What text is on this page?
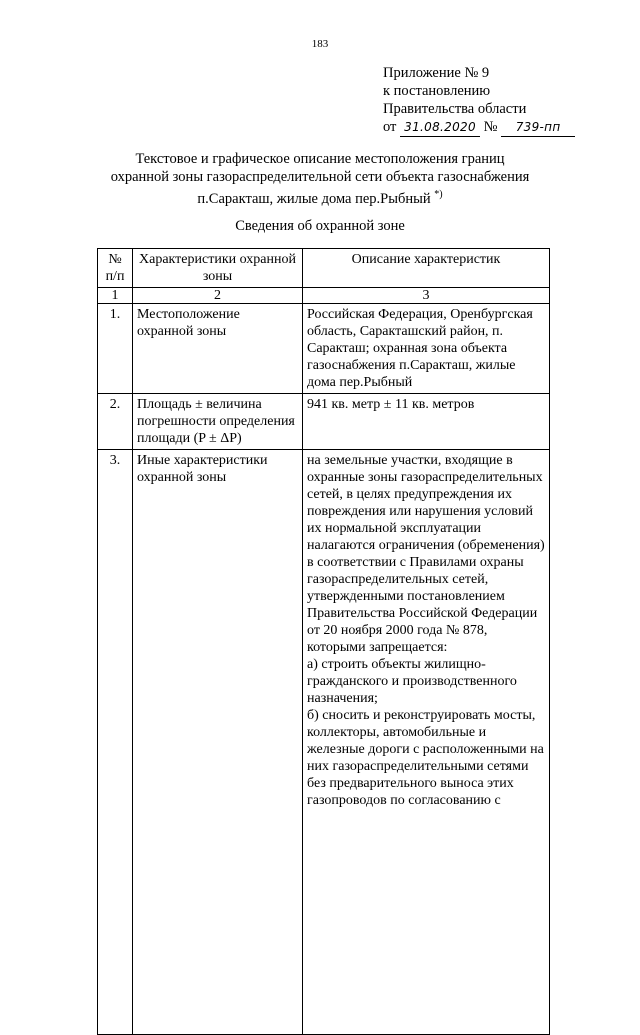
183
Приложение № 9
к постановлению
Правительства области
от 31.08.2020 № 739-пп
Текстовое и графическое описание местоположения границ
охранной зоны газораспределительной сети объекта газоснабжения
п.Саракташ, жилые дома пер.Рыбный *)
Сведения об охранной зоне
№ п/п	Характеристики охранной зоны	Описание характеристик
1	2	3
1.	Местоположение охранной зоны	Российская Федерация, Оренбургская область, Саракташский район, п. Саракташ; охранная зона объекта газоснабжения п.Саракташ, жилые дома пер.Рыбный
2.	Площадь ± величина погрешности определения площади (P ± ΔP)	941 кв. метр ± 11 кв. метров
3.	Иные характеристики охранной зоны	на земельные участки, входящие в охранные зоны газораспределительных сетей, в целях предупреждения их повреждения или нарушения условий их нормальной эксплуатации налагаются ограничения (обременения) в соответствии с Правилами охраны газораспределительных сетей, утвержденными постановлением Правительства Российской Федерации от 20 ноября 2000 года № 878, которыми запрещается:
а) строить объекты жилищно-гражданского и производственного назначения;
б) сносить и реконструировать мосты, коллекторы, автомобильные и железные дороги с расположенными на них газораспределительными сетями без предварительного выноса этих газопроводов по согласованию с
